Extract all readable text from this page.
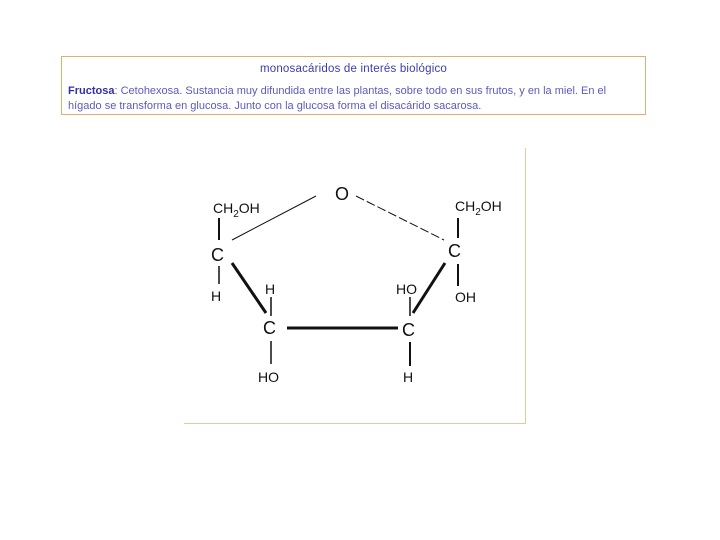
monosacáridos de interés biológico
Fructosa: Cetohexosa. Sustancia muy difundida entre las plantas, sobre todo en sus frutos, y en la miel. En el hígado se transforma en glucosa. Junto con la glucosa forma el disacárido sacarosa.
O
$CH_2OH$	$CH_2OH$
C	C
C	C
H	H
HO
HO
H
OH
